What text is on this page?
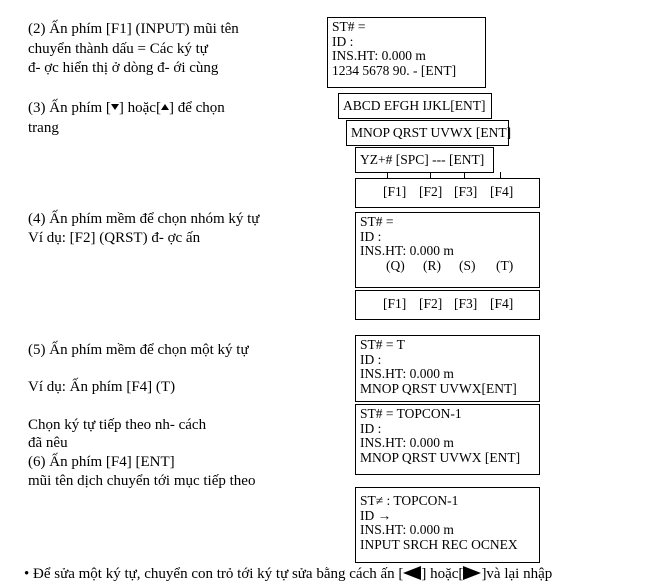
(2) Ấn phím [F1] (INPUT) mũi tên
chuyển thành dấu = Các ký tự
đ- ợc hiển thị ở dòng đ- ới cùng
(3) Ấn phím [ ] hoặc[ ] để chọn
trang
(4) Ấn phím mềm để chọn nhóm ký tự
Ví dụ: [F2] (QRST) đ- ợc ấn
(5) Ấn phím mềm để chọn một ký tự
Ví dụ: Ấn phím [F4] (T)
Chọn ký tự tiếp theo nh- cách
đã nêu
(6) Ấn phím [F4] [ENT]
mũi tên dịch chuyển tới mục tiếp theo
ST# =
ID :
INS.HT: 0.000 m
1234 5678 90. - [ENT]
ABCD EFGH IJKL[ENT]
MNOP QRST UVWX [ENT]
YZ+# [SPC] --- [ENT]
[F1] [F2] [F3] [F4]
ST# =
ID :
INS.HT: 0.000 m
(Q) (R) (S) (T)
[F1] [F2] [F3] [F4]
ST# = T
ID :
INS.HT: 0.000 m
MNOP QRST UVWX[ENT]
ST# = TOPCON-1
ID :
INS.HT: 0.000 m
MNOP QRST UVWX [ENT]
ST≠ : TOPCON-1
ID →
INS.HT: 0.000 m
INPUT SRCH REC OCNEX
• Để sửa một ký tự, chuyển con trỏ tới ký tự sửa bằng cách ấn [ ] hoặc[ ]và lại nhập
